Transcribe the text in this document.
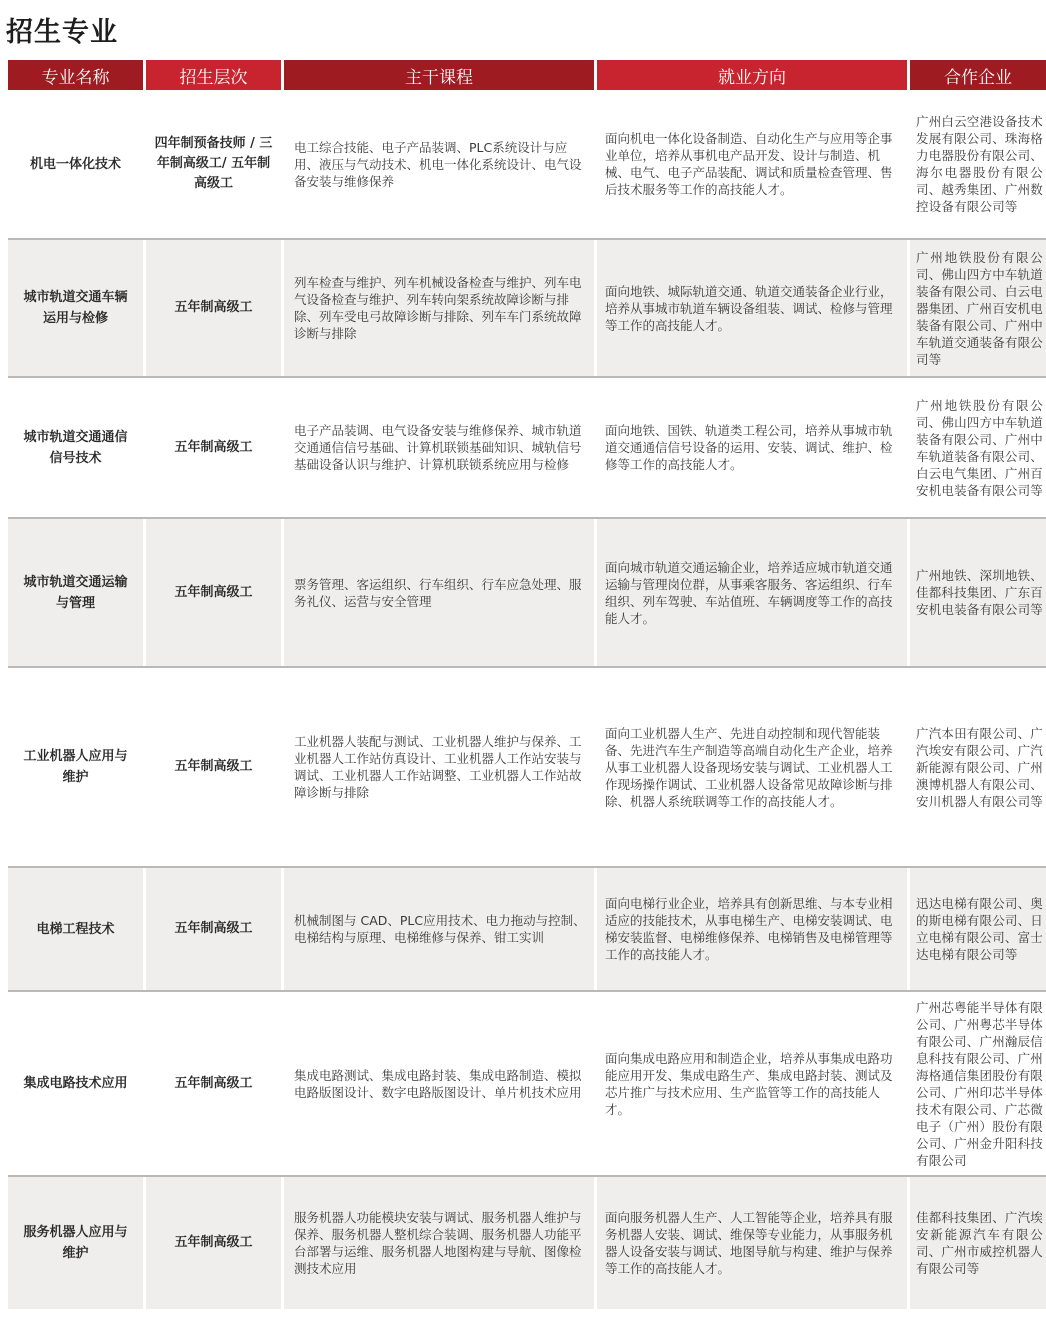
招生专业
专业名称	招生层次	主干课程	就业方向	合作企业
机电一体化技术	四年制预备技师 / 三年制高级工/ 五年制高级工	电工综合技能、电子产品装调、PLC系统设计与应用、液压与气动技术、机电一体化系统设计、电气设备安装与维修保养	面向机电一体化设备制造、自动化生产与应用等企事业单位，培养从事机电产品开发、设计与制造、机械、电气、电子产品装配、调试和质量检查管理、售后技术服务等工作的高技能人才。	广州白云空港设备技术发展有限公司、珠海格力电器股份有限公司、海尔电器股份有限公司、越秀集团、广州数控设备有限公司等

城市轨道交通车辆运用与检修	五年制高级工	列车检查与维护、列车机械设备检查与维护、列车电气设备检查与维护、列车转向架系统故障诊断与排除、列车受电弓故障诊断与排除、列车车门系统故障诊断与排除	面向地铁、城际轨道交通、轨道交通装备企业行业，培养从事城市轨道车辆设备组装、调试、检修与管理等工作的高技能人才。	广州地铁股份有限公司、佛山四方中车轨道装备有限公司、白云电器集团、广州百安机电装备有限公司、广州中车轨道交通装备有限公司等

城市轨道交通通信信号技术	五年制高级工	电子产品装调、电气设备安装与维修保养、城市轨道交通通信信号基础、计算机联锁基础知识、城轨信号基础设备认识与维护、计算机联锁系统应用与检修	面向地铁、国铁、轨道类工程公司，培养从事城市轨道交通通信信号设备的运用、安装、调试、维护、检修等工作的高技能人才。	广州地铁股份有限公司、佛山四方中车轨道装备有限公司、广州中车轨道装备有限公司、白云电气集团、广州百安机电装备有限公司等

城市轨道交通运输与管理	五年制高级工	票务管理、客运组织、行车组织、行车应急处理、服务礼仪、运营与安全管理	面向城市轨道交通运输企业，培养适应城市轨道交通运输与管理岗位群，从事乘客服务、客运组织、行车组织、列车驾驶、车站值班、车辆调度等工作的高技能人才。	广州地铁、深圳地铁、佳都科技集团、广东百安机电装备有限公司等

工业机器人应用与维护	五年制高级工	工业机器人装配与测试、工业机器人维护与保养、工业机器人工作站仿真设计、工业机器人工作站安装与调试、工业机器人工作站调整、工业机器人工作站故障诊断与排除	面向工业机器人生产、先进自动控制和现代智能装备、先进汽车生产制造等高端自动化生产企业，培养从事工业机器人设备现场安装与调试、工业机器人工作现场操作调试、工业机器人设备常见故障诊断与排除、机器人系统联调等工作的高技能人才。	广汽本田有限公司、广汽埃安有限公司、广汽新能源有限公司、广州澳博机器人有限公司、安川机器人有限公司等

电梯工程技术	五年制高级工	机械制图与 CAD、PLC应用技术、电力拖动与控制、电梯结构与原理、电梯维修与保养、钳工实训	面向电梯行业企业，培养具有创新思维、与本专业相适应的技能技术，从事电梯生产、电梯安装调试、电梯安装监督、电梯维修保养、电梯销售及电梯管理等工作的高技能人才。	迅达电梯有限公司、奥的斯电梯有限公司、日立电梯有限公司、富士达电梯有限公司等

集成电路技术应用	五年制高级工	集成电路测试、集成电路封装、集成电路制造、模拟电路版图设计、数字电路版图设计、单片机技术应用	面向集成电路应用和制造企业，培养从事集成电路功能应用开发、集成电路生产、集成电路封装、测试及芯片推广与技术应用、生产监管等工作的高技能人才。	广州芯粤能半导体有限公司、广州粤芯半导体有限公司、广州瀚辰信息科技有限公司、广州海格通信集团股份有限公司、广州印芯半导体技术有限公司、广芯微电子（广州）股份有限公司、广州金升阳科技有限公司

服务机器人应用与维护	五年制高级工	服务机器人功能模块安装与调试、服务机器人维护与保养、服务机器人整机综合装调、服务机器人功能平台部署与运维、服务机器人地图构建与导航、图像检测技术应用	面向服务机器人生产、人工智能等企业，培养具有服务机器人安装、调试、维保等专业能力，从事服务机器人设备安装与调试、地图导航与构建、维护与保养等工作的高技能人才。	佳都科技集团、广汽埃安新能源汽车有限公司、广州市威控机器人有限公司等
